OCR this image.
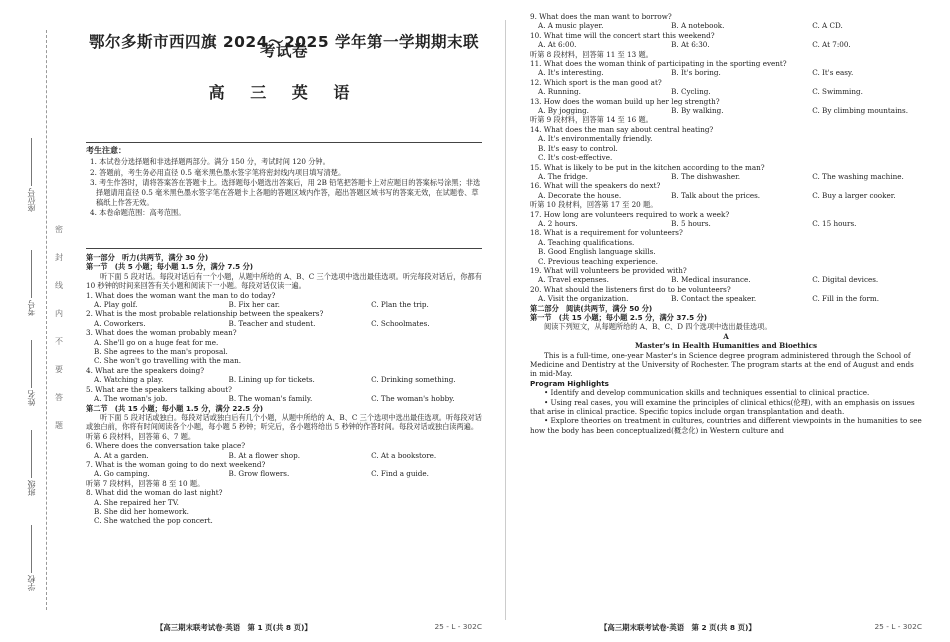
座位号
考号
姓名
班级
学校
密
封
线
内
不
要
答
题
鄂尔多斯市西四旗 2024～2025 学年第一学期期末联考试卷
高 三 英 语
考生注意：

1. 本试卷分选择题和非选择题两部分。满分 150 分，考试时间 120 分钟。

2. 答题前，考生务必用直径 0.5 毫米黑色墨水签字笔将密封线内项目填写清楚。

3. 考生作答时，请将答案答在答题卡上。选择题每小题选出答案后，用 2B 铅笔把答题卡上对应题目的答案标号涂黑；非选择题请用直径 0.5 毫米黑色墨水签字笔在答题卡上各题的答题区域内作答，超出答题区域书写的答案无效，在试题卷、草稿纸上作答无效。

4. 本卷命题范围：高考范围。

第一部分　听力(共两节，满分 30 分)

第一节　(共 5 小题；每小题 1.5 分，满分 7.5 分)

听下面 5 段对话。每段对话后有一个小题，从题中所给的 A、B、C 三个选项中选出最佳选项。听完每段对话后，你都有 10 秒钟的时间来回答有关小题和阅读下一小题。每段对话仅读一遍。

1. What does the woman want the man to do today?

A. Play golf.	B. Fix her car.	C. Plan the trip.

2. What is the most probable relationship between the speakers?

A. Coworkers.	B. Teacher and student.	C. Schoolmates.

3. What does the woman probably mean?

A. She'll go on a huge feat for me.

B. She agrees to the man's proposal.

C. She won't go travelling with the man.

4. What are the speakers doing?

A. Watching a play.	B. Lining up for tickets.	C. Drinking something.

5. What are the speakers talking about?

A. The woman's job.	B. The woman's family.	C. The woman's hobby.

第二节　(共 15 小题；每小题 1.5 分，满分 22.5 分)

听下面 5 段对话或独白。每段对话或独白后有几个小题，从题中所给的 A、B、C 三个选项中选出最佳选项。听每段对话或独白前，你将有时间阅读各个小题，每小题 5 秒钟；听完后，各小题将给出 5 秒钟的作答时间。每段对话或独白读两遍。

听第 6 段材料，回答第 6、7 题。

6. Where does the conversation take place?

A. At a garden.	B. At a flower shop.	C. At a bookstore.

7. What is the woman going to do next weekend?

A. Go camping.	B. Grow flowers.	C. Find a guide.

听第 7 段材料，回答第 8 至 10 题。

8. What did the woman do last night?

A. She repaired her TV.

B. She did her homework.

C. She watched the pop concert.

9. What does the man want to borrow?

A. A music player.	B. A notebook.	C. A CD.

10. What time will the concert start this weekend?

A. At 6:00.	B. At 6:30.	C. At 7:00.

听第 8 段材料，回答第 11 至 13 题。

11. What does the woman think of participating in the sporting event?

A. It's interesting.	B. It's boring.	C. It's easy.

12. Which sport is the man good at?

A. Running.	B. Cycling.	C. Swimming.

13. How does the woman build up her leg strength?

A. By jogging.	B. By walking.	C. By climbing mountains.

听第 9 段材料，回答第 14 至 16 题。

14. What does the man say about central heating?

A. It's environmentally friendly.

B. It's easy to control.

C. It's cost-effective.

15. What is likely to be put in the kitchen according to the man?

A. The fridge.	B. The dishwasher.	C. The washing machine.

16. What will the speakers do next?

A. Decorate the house.	B. Talk about the prices.	C. Buy a larger cooker.

听第 10 段材料，回答第 17 至 20 题。

17. How long are volunteers required to work a week?

A. 2 hours.	B. 5 hours.	C. 15 hours.

18. What is a requirement for volunteers?

A. Teaching qualifications.

B. Good English language skills.

C. Previous teaching experience.

19. What will volunteers be provided with?

A. Travel expenses.	B. Medical insurance.	C. Digital devices.

20. What should the listeners first do to be volunteers?

A. Visit the organization.	B. Contact the speaker.	C. Fill in the form.

第二部分　阅读(共两节，满分 50 分)

第一节　(共 15 小题；每小题 2.5 分，满分 37.5 分)

阅读下列短文，从每题所给的 A、B、C、D 四个选项中选出最佳选项。

A

Master's in Health Humanities and Bioethics

This is a full-time, one-year Master's in Science degree program administered through the School of Medicine and Dentistry at the University of Rochester. The program starts at the end of August and ends in mid-May.

Program Highlights

• Identify and develop communication skills and techniques essential to clinical practice.

• Using real cases, you will examine the principles of clinical ethics(伦理), with an emphasis on issues that arise in clinical practice. Specific topics include organ transplantation and death.

• Explore theories on treatment in cultures, countries and different viewpoints in the humanities to see how the body has been conceptualized(概念化) in Western culture and

【高三期末联考试卷·英语　第 1 页(共 8 页)】	25 - L - 302C	【高三期末联考试卷·英语　第 2 页(共 8 页)】	25 - L - 302C
